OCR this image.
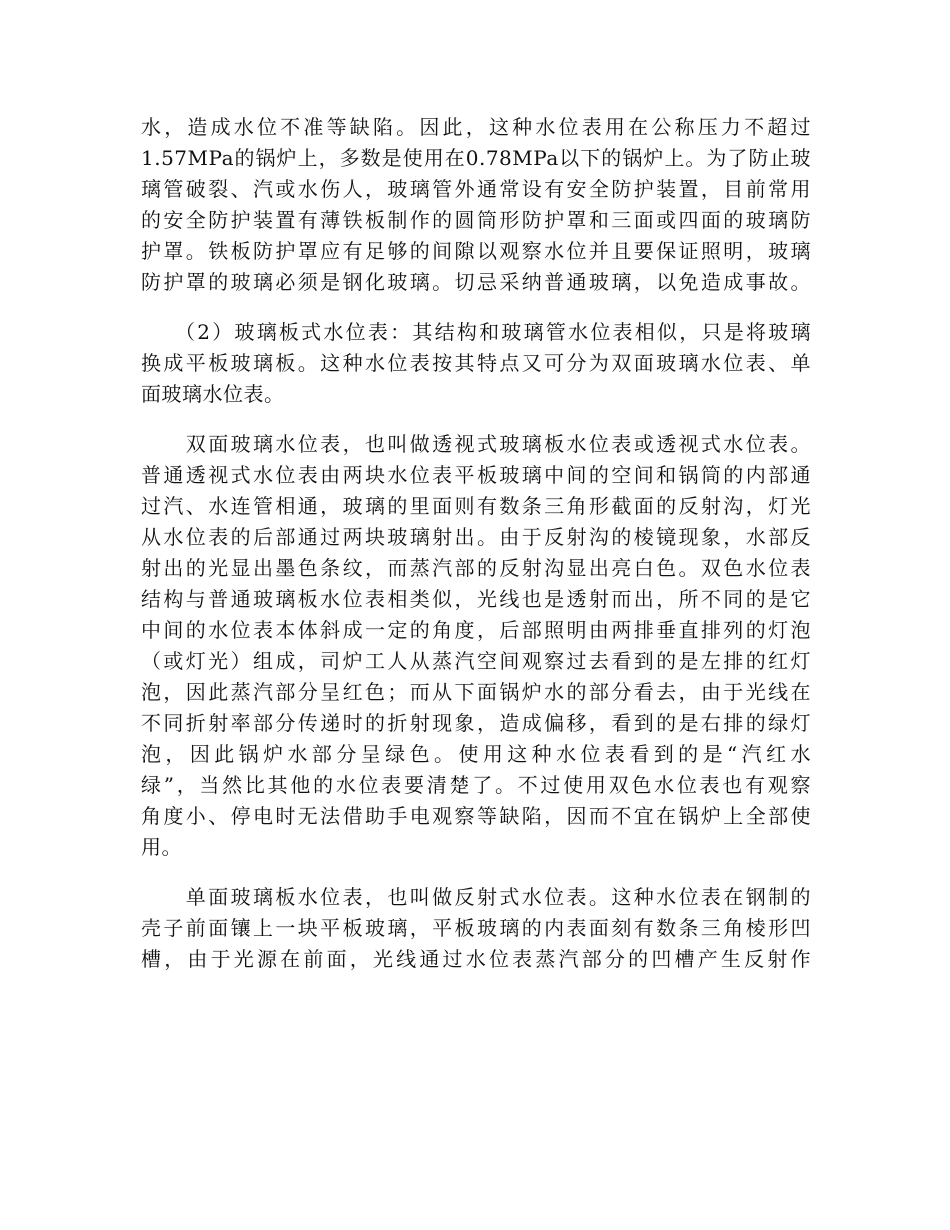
水，造成水位不准等缺陷。因此，这种水位表用在公称压力不超过
1.57MPa的锅炉上，多数是使用在0.78MPa以下的锅炉上。为了防止玻
璃管破裂、汽或水伤人，玻璃管外通常设有安全防护装置，目前常用
的安全防护装置有薄铁板制作的圆筒形防护罩和三面或四面的玻璃防
护罩。铁板防护罩应有足够的间隙以观察水位并且要保证照明，玻璃
防护罩的玻璃必须是钢化玻璃。切忌采纳普通玻璃，以免造成事故。
（2）玻璃板式水位表：其结构和玻璃管水位表相似，只是将玻璃
换成平板玻璃板。这种水位表按其特点又可分为双面玻璃水位表、单
面玻璃水位表。
　　双面玻璃水位表，也叫做透视式玻璃板水位表或透视式水位表。
普通透视式水位表由两块水位表平板玻璃中间的空间和锅筒的内部通
过汽、水连管相通，玻璃的里面则有数条三角形截面的反射沟，灯光
从水位表的后部通过两块玻璃射出。由于反射沟的棱镜现象，水部反
射出的光显出墨色条纹，而蒸汽部的反射沟显出亮白色。双色水位表
结构与普通玻璃板水位表相类似，光线也是透射而出，所不同的是它
中间的水位表本体斜成一定的角度，后部照明由两排垂直排列的灯泡
（或灯光）组成，司炉工人从蒸汽空间观察过去看到的是左排的红灯
泡，因此蒸汽部分呈红色；而从下面锅炉水的部分看去，由于光线在
不同折射率部分传递时的折射现象，造成偏移，看到的是右排的绿灯
泡，因此锅炉水部分呈绿色。使用这种水位表看到的是“汽红水
绿”，当然比其他的水位表要清楚了。不过使用双色水位表也有观察
角度小、停电时无法借助手电观察等缺陷，因而不宜在锅炉上全部使
用。
　　单面玻璃板水位表，也叫做反射式水位表。这种水位表在钢制的
壳子前面镶上一块平板玻璃，平板玻璃的内表面刻有数条三角棱形凹
槽，由于光源在前面，光线通过水位表蒸汽部分的凹槽产生反射作
